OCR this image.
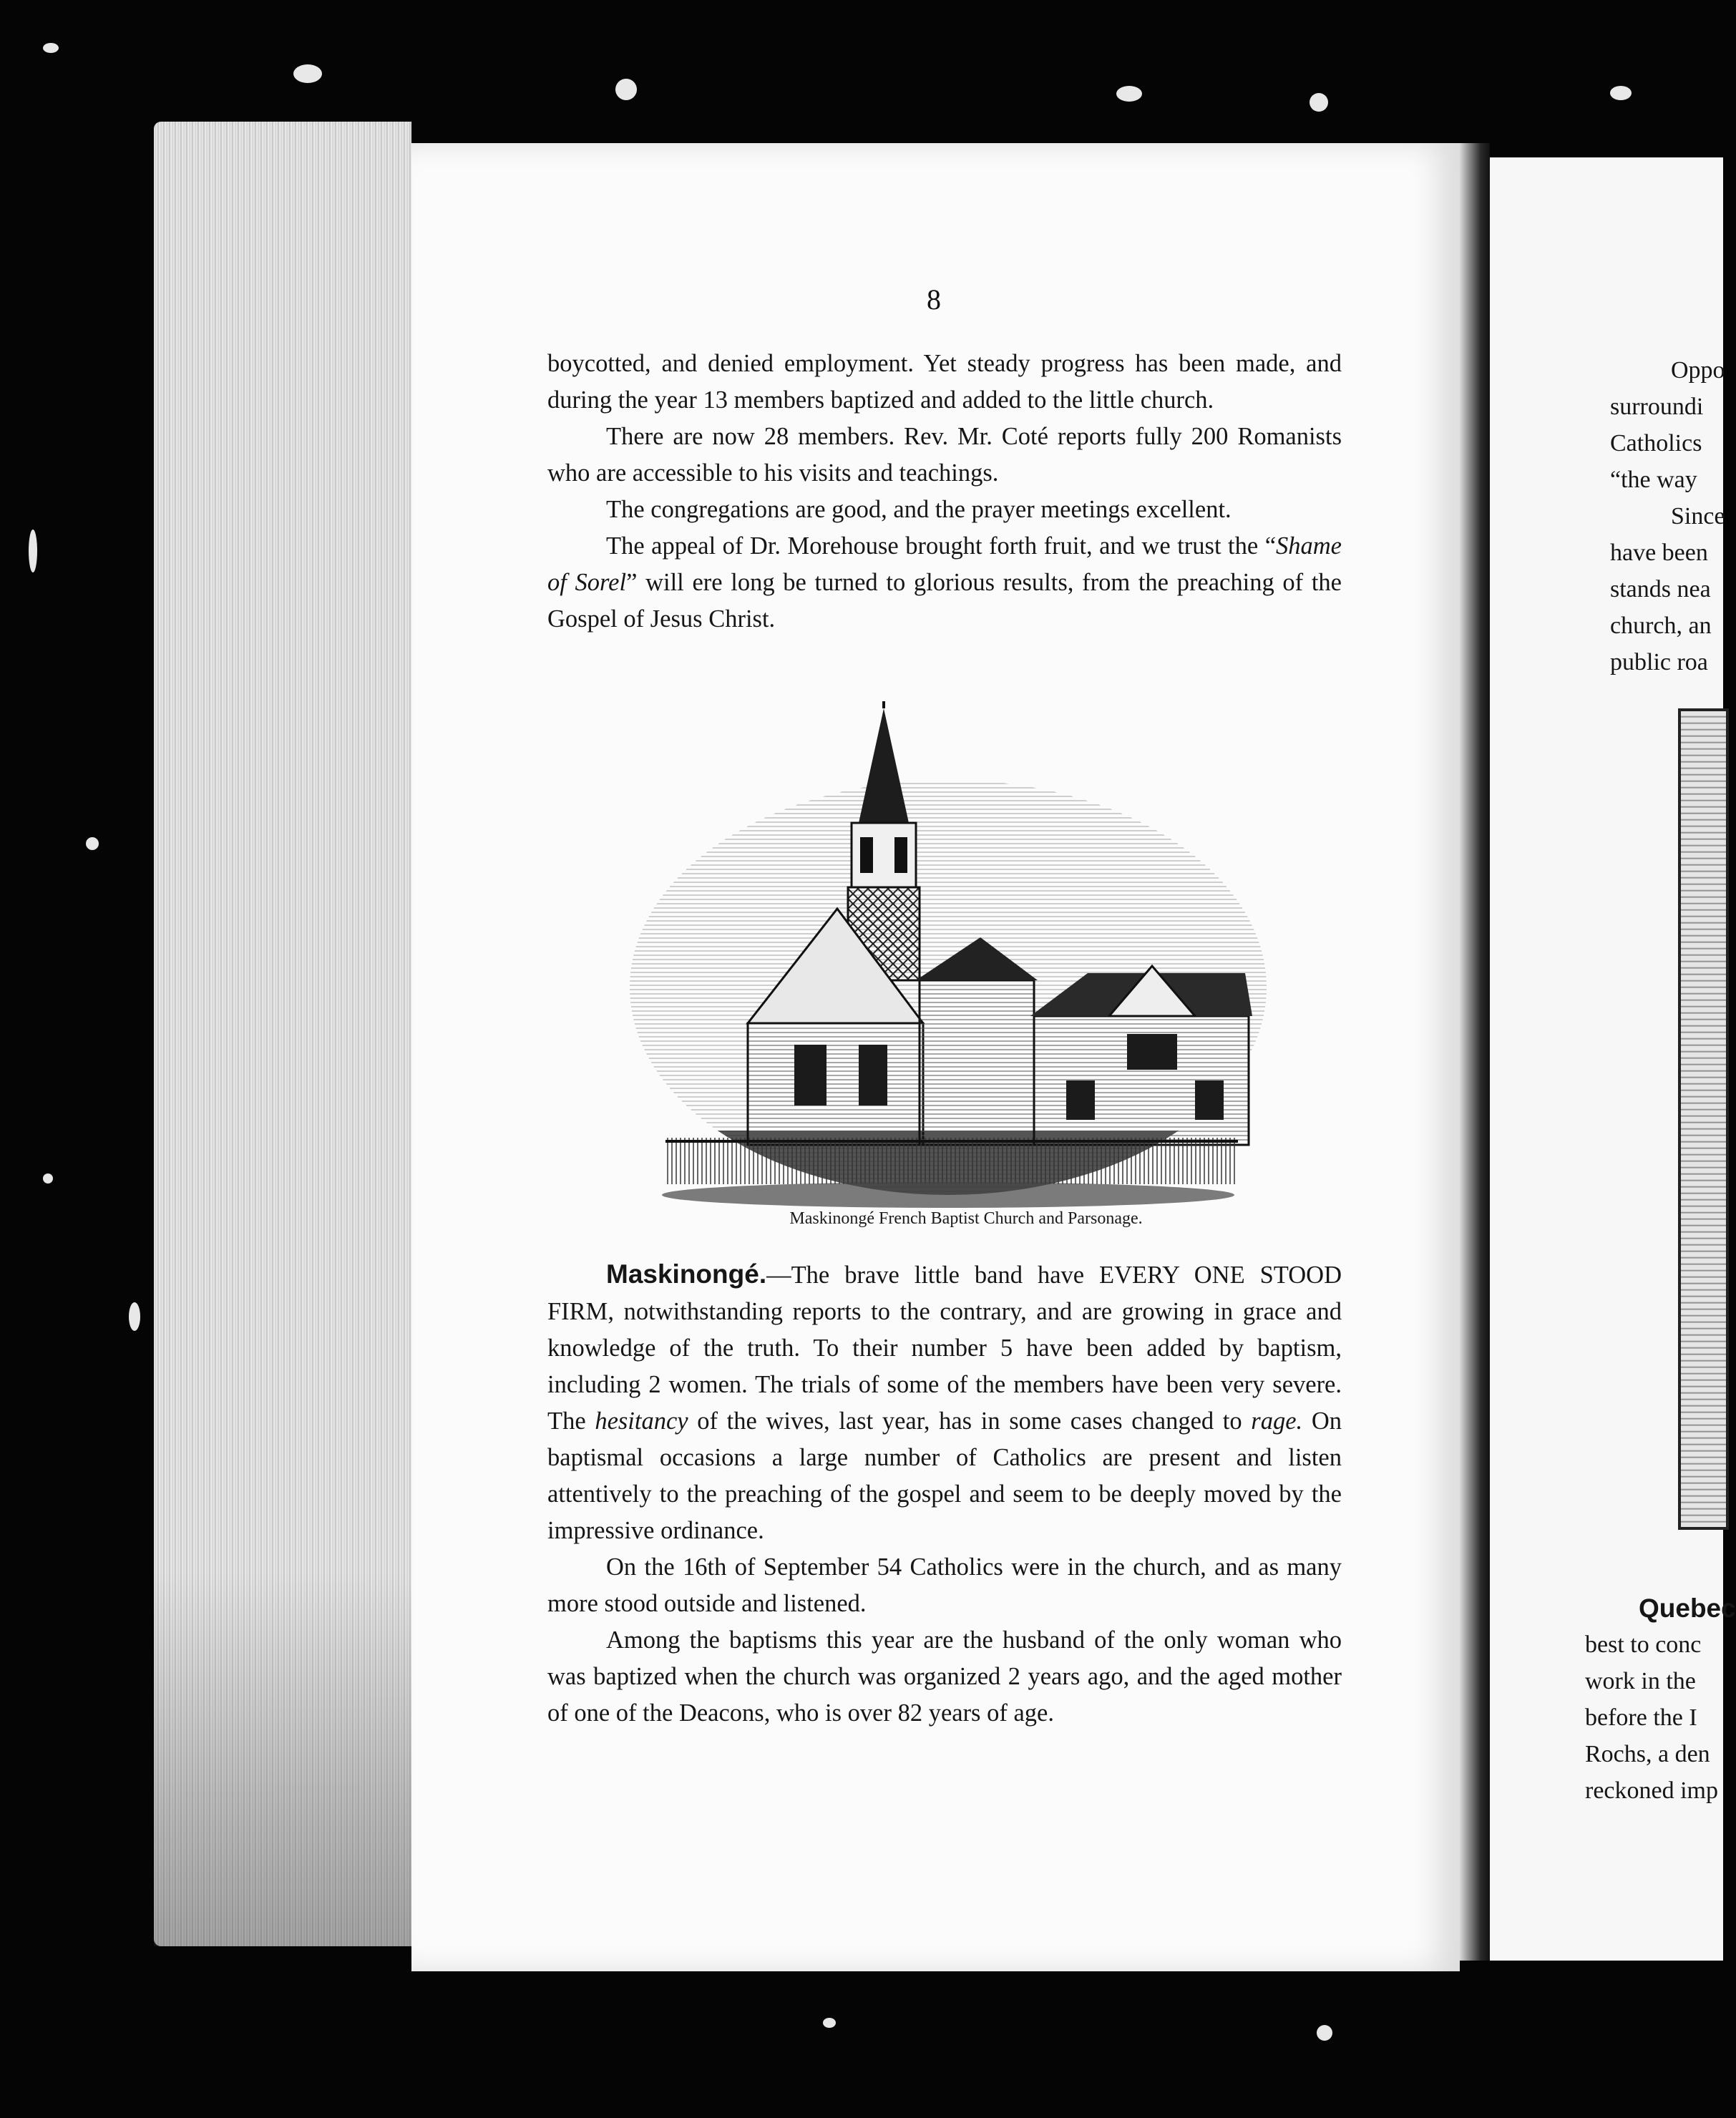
8

boycotted, and denied employment. Yet steady progress has been made, and during the year 13 members baptized and added to the little church.

There are now 28 members. Rev. Mr. Coté reports fully 200 Romanists who are accessible to his visits and teachings.

The congregations are good, and the prayer meetings excellent.

The appeal of Dr. Morehouse brought forth fruit, and we trust the “Shame of Sorel” will ere long be turned to glorious results, from the preaching of the Gospel of Jesus Christ.

Maskinongé French Baptist Church and Parsonage.

Maskinongé.—The brave little band have EVERY ONE STOOD FIRM, notwithstanding reports to the contrary, and are growing in grace and knowledge of the truth. To their number 5 have been added by baptism, including 2 women. The trials of some of the members have been very severe. The hesitancy of the wives, last year, has in some cases changed to rage. On baptismal occasions a large number of Catholics are present and listen attentively to the preaching of the gospel and seem to be deeply moved by the impressive ordinance.

On the 16th of September 54 Catholics were in the church, and as many more stood outside and listened.

Among the baptisms this year are the husband of the only woman who was baptized when the church was organized 2 years ago, and the aged mother of one of the Deacons, who is over 82 years of age.

Oppo
surroundi
Catholics
“the way
Since
have been
stands nea
church, an
public roa
Quebec
best to conc
work in the
before the I
Rochs, a den
reckoned imp
